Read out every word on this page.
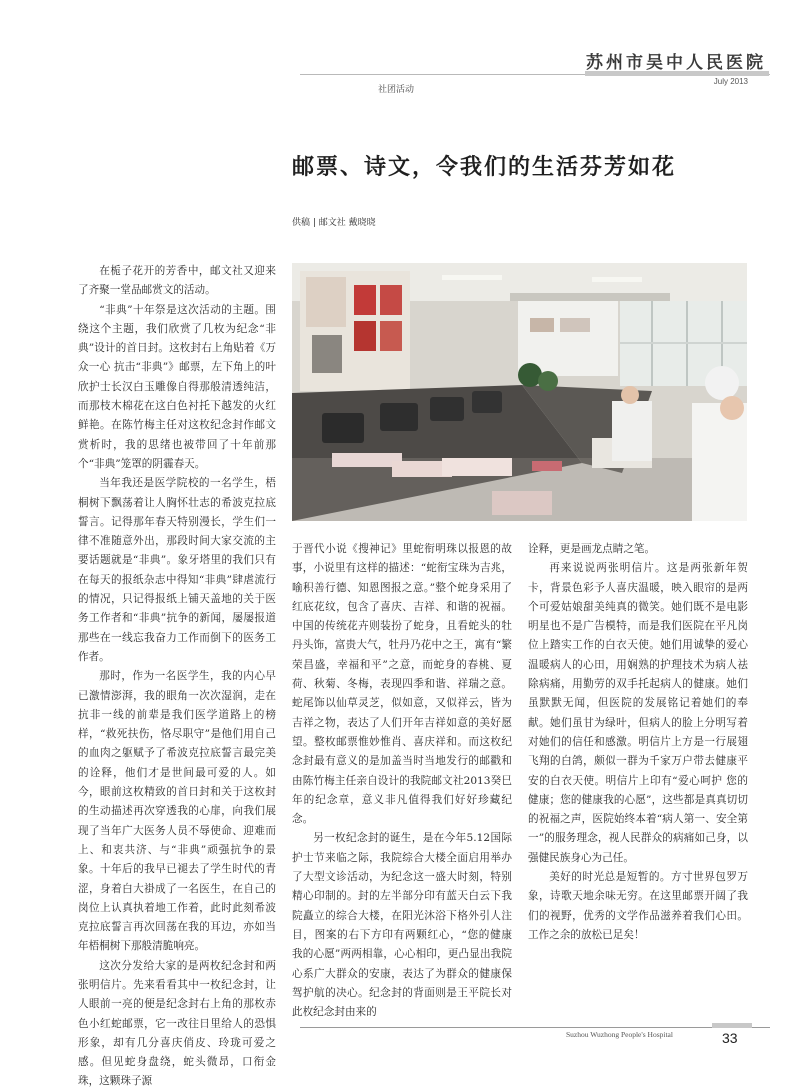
苏州市吴中人民医院
July 2013
社团活动
邮票、诗文，令我们的生活芬芳如花
供稿 | 邮文社 戴晓晓

在栀子花开的芳香中，邮文社又迎来了齐聚一堂品邮赏文的活动。

“非典”十年祭是这次活动的主题。围绕这个主题，我们欣赏了几枚为纪念“非典”设计的首日封。这枚封右上角贴着《万众一心 抗击“非典”》邮票，左下角上的叶欣护士长汉白玉雕像自得那般清透纯洁，而那枝木棉花在这白色衬托下越发的火红鲜艳。在陈竹梅主任对这枚纪念封作邮文赏析时，我的思绪也被带回了十年前那个“非典”笼罩的阴霾春天。

当年我还是医学院校的一名学生，梧桐树下飘荡着让人胸怀壮志的希波克拉底誓言。记得那年春天特别漫长，学生们一律不准随意外出，那段时间大家交流的主要话题就是“非典”。象牙塔里的我们只有在每天的报纸杂志中得知“非典”肆虐流行的情况，只记得报纸上铺天盖地的关于医务工作者和“非典”抗争的新闻，屡屡报道那些在一线忘我奋力工作而倒下的医务工作者。

那时，作为一名医学生，我的内心早已激情澎湃，我的眼角一次次湿润，走在抗非一线的前辈是我们医学道路上的榜样，“救死扶伤，恪尽职守”是他们用自己的血肉之躯赋予了希波克拉底誓言最完美的诠释，他们才是世间最可爱的人。如今，眼前这枚精致的首日封和关于这枚封的生动描述再次穿透我的心扉，向我们展现了当年广大医务人员不辱使命、迎难而上、和衷共济、与“非典”顽强抗争的景象。十年后的我早已褪去了学生时代的青涩，身着白大褂成了一名医生，在自己的岗位上认真执着地工作着，此时此刻希波克拉底誓言再次回荡在我的耳边，亦如当年梧桐树下那般清脆响亮。

这次分发给大家的是两枚纪念封和两张明信片。先来看看其中一枚纪念封，让人眼前一亮的便是纪念封右上角的那枚赤色小红蛇邮票，它一改往日里给人的恐惧形象，却有几分喜庆俏皮、玲珑可爱之感。但见蛇身盘绕，蛇头微昂，口衔金珠，这颗珠子源

于晋代小说《搜神记》里蛇衔明珠以报恩的故事，小说里有这样的描述：“蛇衔宝珠为吉兆，喻积善行德、知恩图报之意。”整个蛇身采用了红底花纹，包含了喜庆、吉祥、和谐的祝福。中国的传统花卉则装扮了蛇身，且看蛇头的牡丹头饰，富贵大气，牡丹乃花中之王，寓有“繁荣昌盛，幸福和平”之意，而蛇身的春桃、夏荷、秋菊、冬梅，表现四季和谐、祥瑞之意。蛇尾饰以仙草灵芝，似如意，又似祥云，皆为吉祥之物，表达了人们开年吉祥如意的美好愿望。整枚邮票惟妙惟肖、喜庆祥和。而这枚纪念封最有意义的是加盖当时当地发行的邮戳和由陈竹梅主任亲自设计的我院邮文社2013癸巳年的纪念章，意义非凡值得我们好好珍藏纪念。

另一枚纪念封的诞生，是在今年5.12国际护士节来临之际，我院综合大楼全面启用举办了大型文诊活动，为纪念这一盛大时刻，特别精心印制的。封的左半部分印有蓝天白云下我院矗立的综合大楼，在阳光沐浴下格外引人注目，图案的右下方印有两颗红心，“您的健康 我的心愿”两两相靠，心心相印，更凸显出我院心系广大群众的安康，表达了为群众的健康保驾护航的决心。纪念封的背面则是王平院长对此枚纪念封由来的

诠释，更是画龙点睛之笔。

再来说说两张明信片。这是两张新年贺卡，背景色彩予人喜庆温暖，映入眼帘的是两个可爱姑娘甜美纯真的微笑。她们既不是电影明星也不是广告模特，而是我们医院在平凡岗位上踏实工作的白衣天使。她们用诚挚的爱心温暖病人的心田，用娴熟的护理技术为病人祛除病痛，用勤劳的双手托起病人的健康。她们虽默默无闻，但医院的发展铭记着她们的奉献。她们虽甘为绿叶，但病人的脸上分明写着对她们的信任和感激。明信片上方是一行展翅飞翔的白鸽，颇似一群为千家万户带去健康平安的白衣天使。明信片上印有“爱心呵护 您的健康；您的健康我的心愿”，这些都是真真切切的祝福之声，医院始终本着“病人第一、安全第一”的服务理念，视人民群众的病痛如己身，以强健民族身心为己任。

美好的时光总是短暂的。方寸世界包罗万象，诗歌天地余味无穷。在这里邮票开阔了我们的视野，优秀的文学作品滋养着我们心田。工作之余的放松已足矣！

Suzhou Wuzhong People's Hospital	33
